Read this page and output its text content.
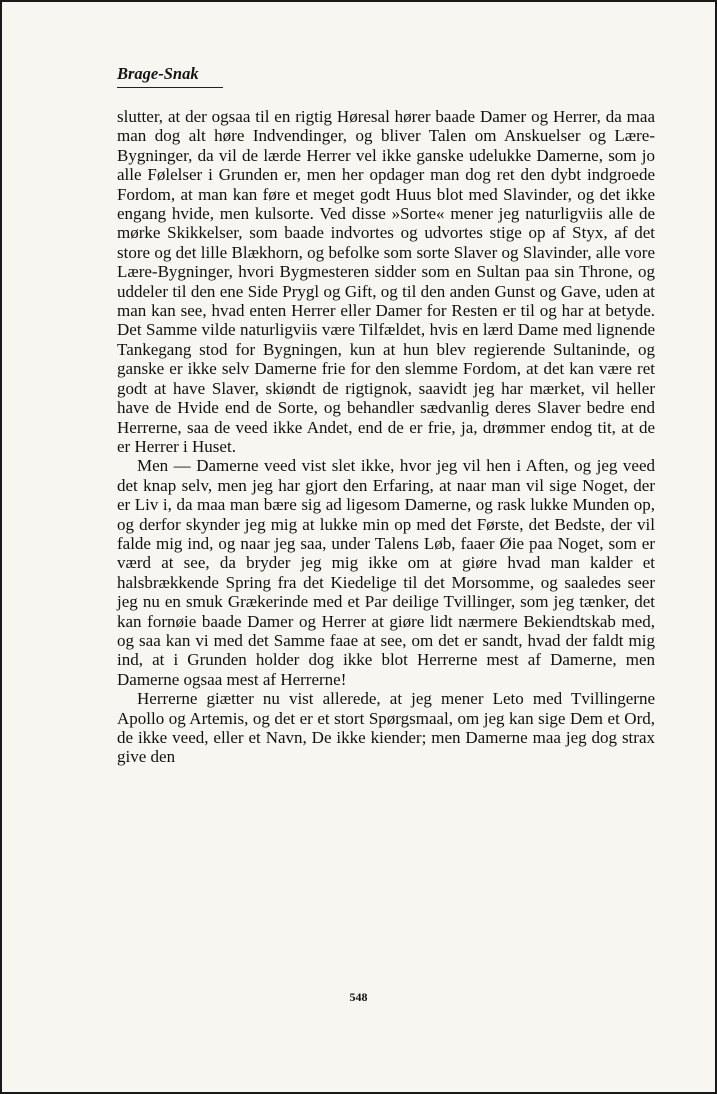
Brage-Snak

slutter, at der ogsaa til en rigtig Høresal hører baade Damer og Herrer, da maa man dog alt høre Indvendinger, og bliver Talen om Anskuelser og Lære-Bygninger, da vil de lærde Herrer vel ikke ganske udelukke Damerne, som jo alle Følelser i Grunden er, men her opdager man dog ret den dybt indgroede Fordom, at man kan føre et meget godt Huus blot med Slavinder, og det ikke engang hvide, men kulsorte. Ved disse »Sorte« mener jeg naturligviis alle de mørke Skikkelser, som baade indvortes og udvortes stige op af Styx, af det store og det lille Blækhorn, og befolke som sorte Slaver og Slavinder, alle vore Lære-Bygninger, hvori Bygmesteren sidder som en Sultan paa sin Throne, og uddeler til den ene Side Prygl og Gift, og til den anden Gunst og Gave, uden at man kan see, hvad enten Herrer eller Damer for Resten er til og har at betyde. Det Samme vilde naturligviis være Tilfældet, hvis en lærd Dame med lignende Tankegang stod for Bygningen, kun at hun blev regierende Sultaninde, og ganske er ikke selv Damerne frie for den slemme Fordom, at det kan være ret godt at have Slaver, skiøndt de rigtignok, saavidt jeg har mærket, vil heller have de Hvide end de Sorte, og behandler sædvanlig deres Slaver bedre end Herrerne, saa de veed ikke Andet, end de er frie, ja, drømmer endog tit, at de er Herrer i Huset.

Men — Damerne veed vist slet ikke, hvor jeg vil hen i Aften, og jeg veed det knap selv, men jeg har gjort den Erfaring, at naar man vil sige Noget, der er Liv i, da maa man bære sig ad ligesom Damerne, og rask lukke Munden op, og derfor skynder jeg mig at lukke min op med det Første, det Bedste, der vil falde mig ind, og naar jeg saa, under Talens Løb, faaer Øie paa Noget, som er værd at see, da bryder jeg mig ikke om at giøre hvad man kalder et halsbrækkende Spring fra det Kiedelige til det Morsomme, og saaledes seer jeg nu en smuk Grækerinde med et Par deilige Tvillinger, som jeg tænker, det kan fornøie baade Damer og Herrer at giøre lidt nærmere Bekiendtskab med, og saa kan vi med det Samme faae at see, om det er sandt, hvad der faldt mig ind, at i Grunden holder dog ikke blot Herrerne mest af Damerne, men Damerne ogsaa mest af Herrerne!

Herrerne giætter nu vist allerede, at jeg mener Leto med Tvillingerne Apollo og Artemis, og det er et stort Spørgsmaal, om jeg kan sige Dem et Ord, de ikke veed, eller et Navn, De ikke kiender; men Damerne maa jeg dog strax give den

548
